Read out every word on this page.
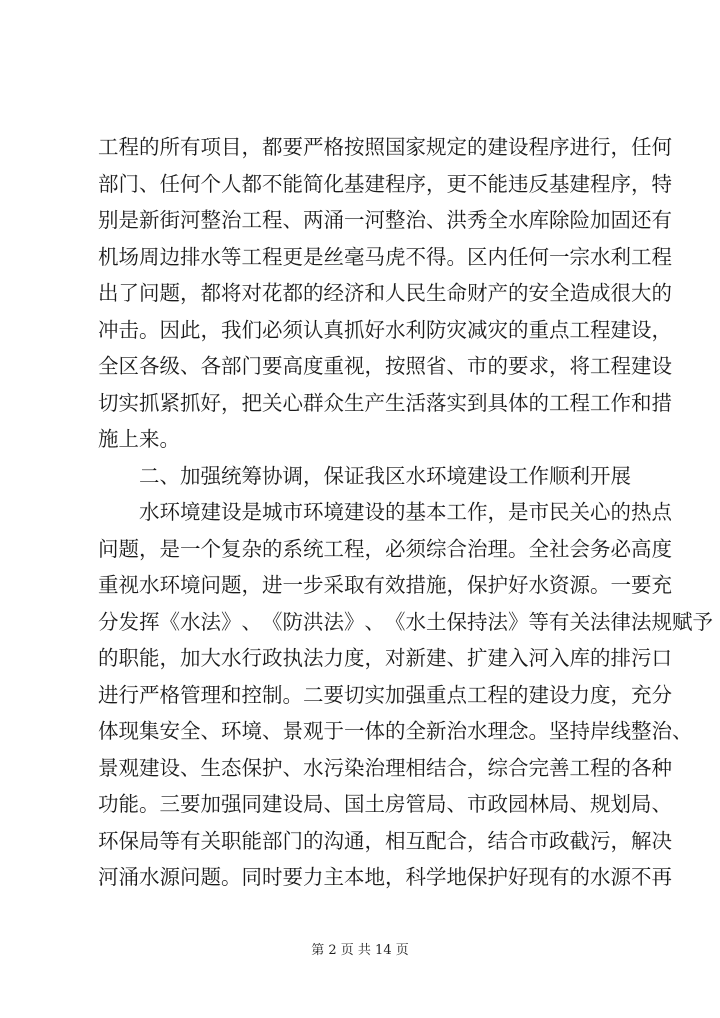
工 程 的 所 有 项 目 ， 都 要 严 格 按 照 国 家 规 定 的 建 设 程 序 进 行 ， 任 何
部 门 、 任 何 个 人 都 不 能 简 化 基 建 程 序 ， 更 不 能 违 反 基 建 程 序 ， 特
别 是 新 街 河 整 治 工 程 、 两 涌 一 河 整 治 、 洪 秀 全 水 库 除 险 加 固 还 有
机 场 周 边 排 水 等 工 程 更 是 丝 毫 马 虎 不 得 。 区 内 任 何 一 宗 水 利 工 程
出 了 问 题 ， 都 将 对 花 都 的 经 济 和 人 民 生 命 财 产 的 安 全 造 成 很 大 的
冲 击 。 因 此 ， 我 们 必 须 认 真 抓 好 水 利 防 灾 减 灾 的 重 点 工 程 建 设 ，
全 区 各 级 、 各 部 门 要 高 度 重 视 ， 按 照 省 、 市 的 要 求 ， 将 工 程 建 设
切 实 抓 紧 抓 好 ， 把 关 心 群 众 生 产 生 活 落 实 到 具 体 的 工 程 工 作 和 措
施上来。
二、加强统筹协调，保证我区水环境建设工作顺利开展
水 环 境 建 设 是 城 市 环 境 建 设 的 基 本 工 作 ， 是 市 民 关 心 的 热 点
问 题 ， 是 一 个 复 杂 的 系 统 工 程 ， 必 须 综 合 治 理 。 全 社 会 务 必 高 度
重 视 水 环 境 问 题 ， 进 一 步 采 取 有 效 措 施 ， 保 护 好 水 资 源 。 一 要 充
分 发 挥 《 水 法 》 、 《 防 洪 法 》 、 《 水 土 保 持 法 》 等 有 关 法 律 法 规 赋 予
的 职 能 ， 加 大 水 行 政 执 法 力 度 ， 对 新 建 、 扩 建 入 河 入 库 的 排 污 口
进 行 严 格 管 理 和 控 制 。 二 要 切 实 加 强 重 点 工 程 的 建 设 力 度 ， 充 分
体 现 集 安 全 、 环 境 、 景 观 于 一 体 的 全 新 治 水 理 念 。 坚 持 岸 线 整 治 、
景 观 建 设 、 生 态 保 护 、 水 污 染 治 理 相 结 合 ， 综 合 完 善 工 程 的 各 种
功 能 。 三 要 加 强 同 建 设 局 、 国 土 房 管 局 、 市 政 园 林 局 、 规 划 局 、
环 保 局 等 有 关 职 能 部 门 的 沟 通 ， 相 互 配 合 ， 结 合 市 政 截 污 ， 解 决
河 涌 水 源 问 题 。 同 时 要 力 主 本 地 ， 科 学 地 保 护 好 现 有 的 水 源 不 再
第 2 页 共 14 页
